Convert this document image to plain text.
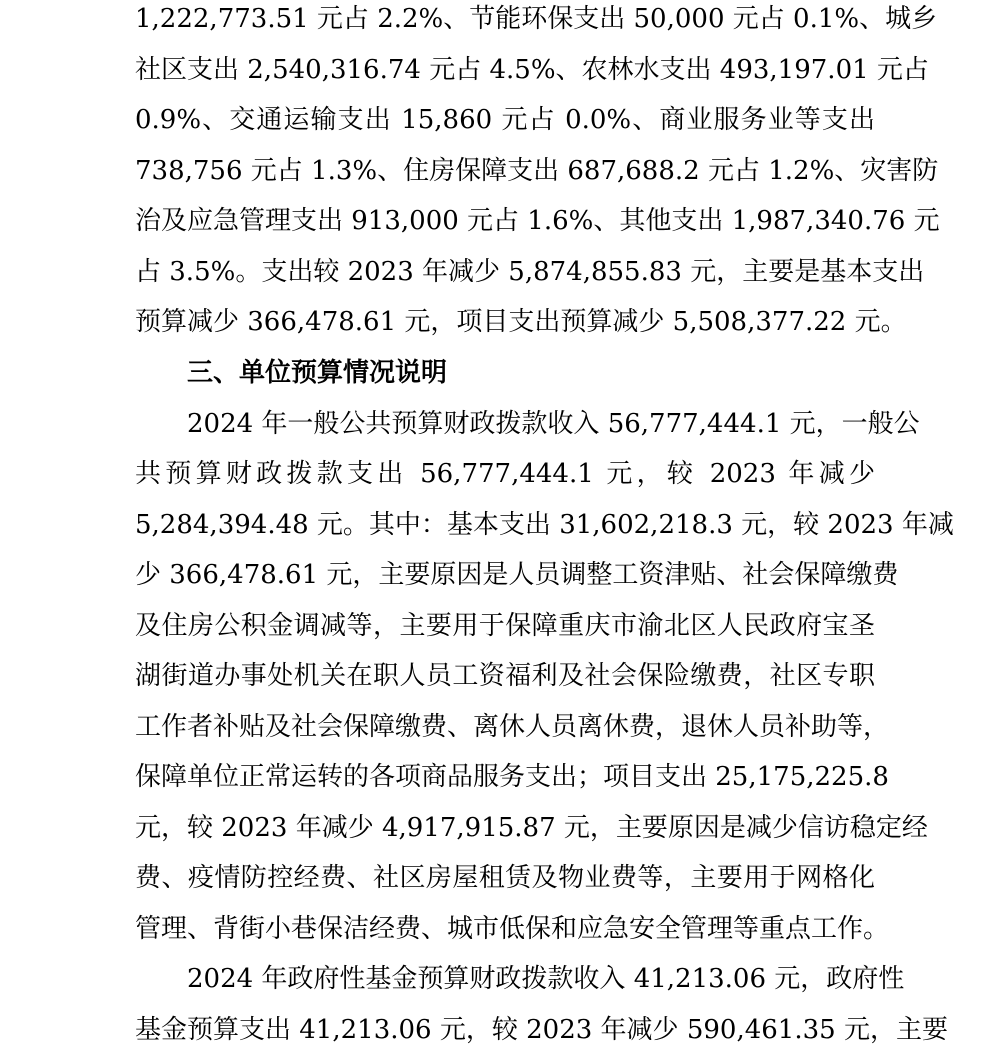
1,222,773.51 元占 2.2%、节能环保支出 50,000 元占 0.1%、城乡
社区支出 2,540,316.74 元占 4.5%、农林水支出 493,197.01 元占
0.9%、交通运输支出 15,860 元占 0.0%、商业服务业等支出
738,756 元占 1.3%、住房保障支出 687,688.2 元占 1.2%、灾害防
治及应急管理支出 913,000 元占 1.6%、其他支出 1,987,340.76 元
占 3.5%。支出较 2023 年减少 5,874,855.83 元，主要是基本支出
预算减少 366,478.61 元，项目支出预算减少 5,508,377.22 元。
三、单位预算情况说明
2024 年一般公共预算财政拨款收入 56,777,444.1 元，一般公
共预算财政拨款支出 56,777,444.1 元，较 2023 年减少
5,284,394.48 元。其中：基本支出 31,602,218.3 元，较 2023 年减
少 366,478.61 元，主要原因是人员调整工资津贴、社会保障缴费
及住房公积金调减等，主要用于保障重庆市渝北区人民政府宝圣
湖街道办事处机关在职人员工资福利及社会保险缴费，社区专职
工作者补贴及社会保障缴费、离休人员离休费，退休人员补助等，
保障单位正常运转的各项商品服务支出；项目支出 25,175,225.8
元，较 2023 年减少 4,917,915.87 元，主要原因是减少信访稳定经
费、疫情防控经费、社区房屋租赁及物业费等，主要用于网格化
管理、背街小巷保洁经费、城市低保和应急安全管理等重点工作。
2024 年政府性基金预算财政拨款收入 41,213.06 元，政府性
基金预算支出 41,213.06 元，较 2023 年减少 590,461.35 元，主要
